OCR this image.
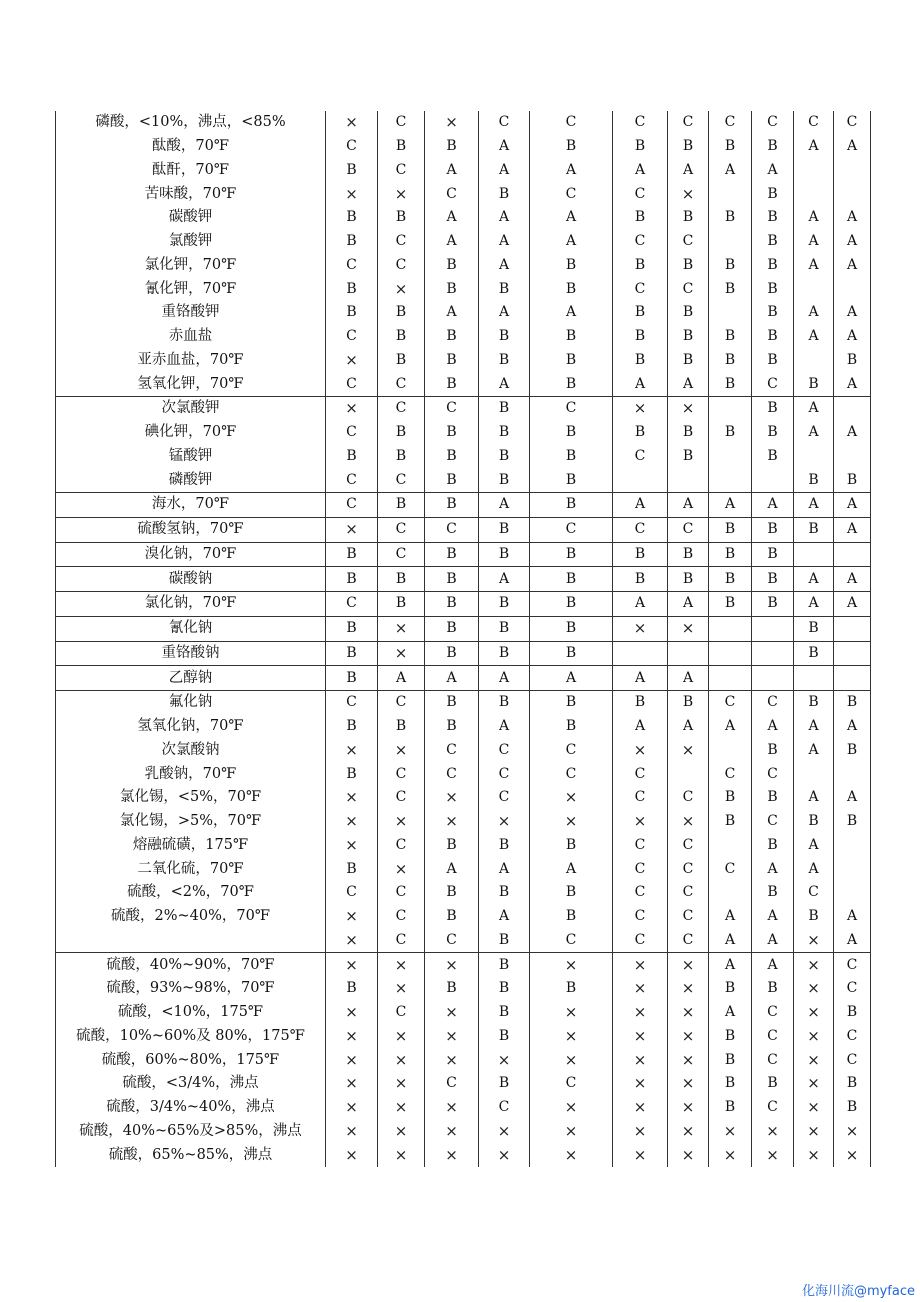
磷酸，<10%，沸点，<85%	×	C	×	C	C	C	C	C	C	C	C
酞酸，70℉	C	B	B	A	B	B	B	B	B	A	A
酞酐，70℉	B	C	A	A	A	A	A	A	A		
苦味酸，70℉	×	×	C	B	C	C	×		B		
碳酸钾	B	B	A	A	A	B	B	B	B	A	A
氯酸钾	B	C	A	A	A	C	C		B	A	A
氯化钾，70℉	C	C	B	A	B	B	B	B	B	A	A
氰化钾，70℉	B	×	B	B	B	C	C	B	B		
重铬酸钾	B	B	A	A	A	B	B		B	A	A
赤血盐	C	B	B	B	B	B	B	B	B	A	A
亚赤血盐，70℉	×	B	B	B	B	B	B	B	B		B
氢氧化钾，70℉	C	C	B	A	B	A	A	B	C	B	A
次氯酸钾	×	C	C	B	C	×	×		B	A	
碘化钾，70℉	C	B	B	B	B	B	B	B	B	A	A
锰酸钾	B	B	B	B	B	C	B		B		
磷酸钾	C	C	B	B	B					B	B
海水，70℉	C	B	B	A	B	A	A	A	A	A	A
硫酸氢钠，70℉	×	C	C	B	C	C	C	B	B	B	A
溴化钠，70℉	B	C	B	B	B	B	B	B	B		
碳酸钠	B	B	B	A	B	B	B	B	B	A	A
氯化钠，70℉	C	B	B	B	B	A	A	B	B	A	A
氰化钠	B	×	B	B	B	×	×			B	
重铬酸钠	B	×	B	B	B					B	
乙醇钠	B	A	A	A	A	A	A				
氟化钠	C	C	B	B	B	B	B	C	C	B	B
氢氧化钠，70℉	B	B	B	A	B	A	A	A	A	A	A
次氯酸钠	×	×	C	C	C	×	×		B	A	B
乳酸钠，70℉	B	C	C	C	C	C		C	C		
氯化锡，<5%，70℉	×	C	×	C	×	C	C	B	B	A	A
氯化锡，>5%，70℉	×	×	×	×	×	×	×	B	C	B	B
熔融硫磺，175℉	×	C	B	B	B	C	C		B	A	
二氧化硫，70℉	B	×	A	A	A	C	C	C	A	A	
硫酸，<2%，70℉	C	C	B	B	B	C	C		B	C	
硫酸，2%~40%，70℉	×	C	B	A	B	C	C	A	A	B	A
	×	C	C	B	C	C	C	A	A	×	A
硫酸，40%~90%，70℉	×	×	×	B	×	×	×	A	A	×	C
硫酸，93%~98%，70℉	B	×	B	B	B	×	×	B	B	×	C
硫酸，<10%，175℉	×	C	×	B	×	×	×	A	C	×	B
硫酸，10%~60%及 80%，175℉	×	×	×	B	×	×	×	B	C	×	C
硫酸，60%~80%，175℉	×	×	×	×	×	×	×	B	C	×	C
硫酸，<3/4%，沸点	×	×	C	B	C	×	×	B	B	×	B
硫酸，3/4%~40%，沸点	×	×	×	C	×	×	×	B	C	×	B
硫酸，40%~65%及>85%，沸点	×	×	×	×	×	×	×	×	×	×	×
硫酸，65%~85%，沸点	×	×	×	×	×	×	×	×	×	×	×
化海川流@myface
